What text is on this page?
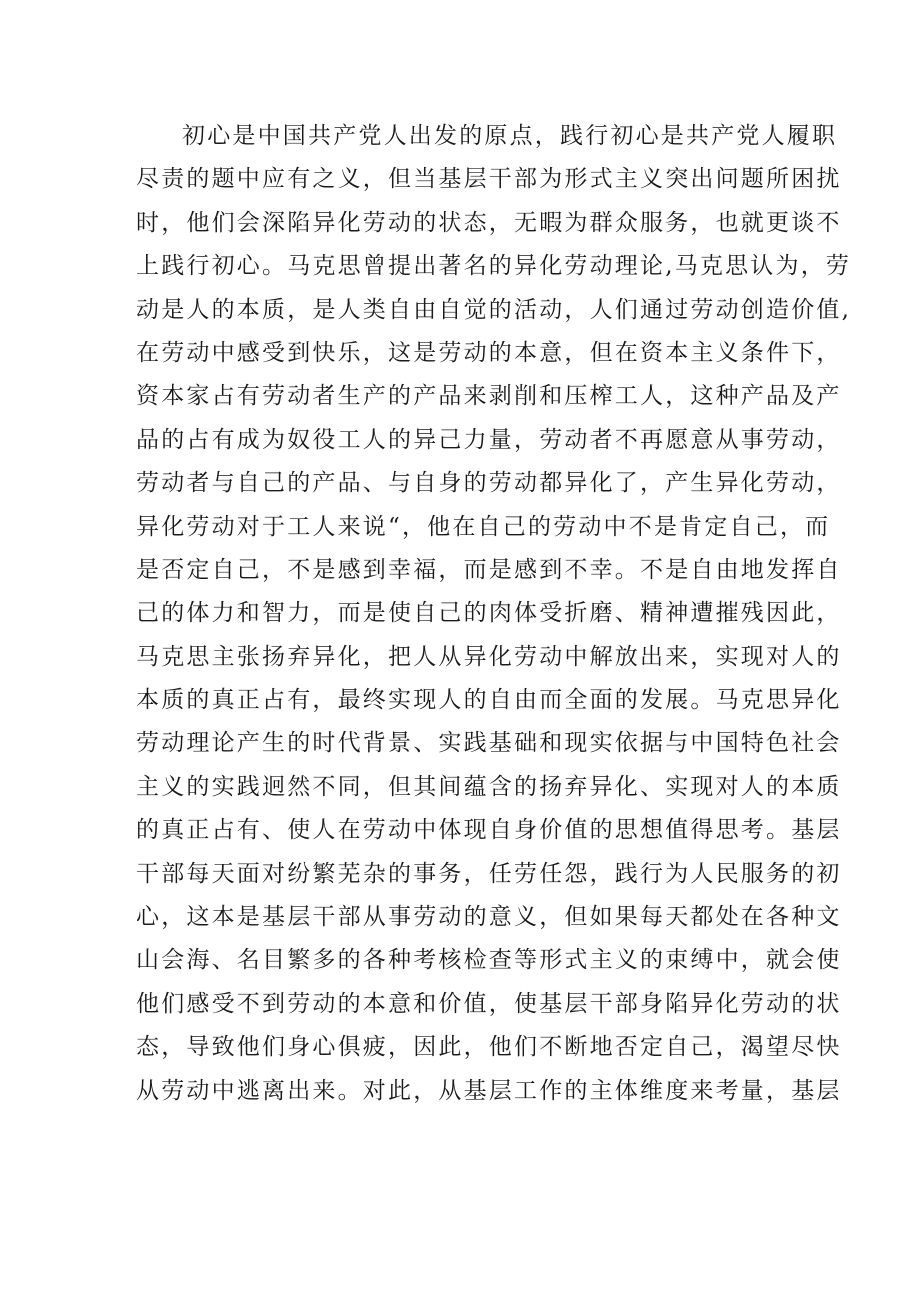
初心是中国共产党人出发的原点，践行初心是共产党人履职
尽责的题中应有之义，但当基层干部为形式主义突出问题所困扰
时，他们会深陷异化劳动的状态，无暇为群众服务，也就更谈不
上践行初心。马克思曾提出著名的异化劳动理论,马克思认为，劳
动是人的本质，是人类自由自觉的活动，人们通过劳动创造价值,
在劳动中感受到快乐，这是劳动的本意，但在资本主义条件下，
资本家占有劳动者生产的产品来剥削和压榨工人，这种产品及产
品的占有成为奴役工人的异己力量，劳动者不再愿意从事劳动，
劳动者与自己的产品、与自身的劳动都异化了，产生异化劳动，
异化劳动对于工人来说“，他在自己的劳动中不是肯定自己，而
是否定自己，不是感到幸福，而是感到不幸。不是自由地发挥自
己的体力和智力，而是使自己的肉体受折磨、精神遭摧残因此，
马克思主张扬弃异化，把人从异化劳动中解放出来，实现对人的
本质的真正占有，最终实现人的自由而全面的发展。马克思异化
劳动理论产生的时代背景、实践基础和现实依据与中国特色社会
主义的实践迥然不同，但其间蕴含的扬弃异化、实现对人的本质
的真正占有、使人在劳动中体现自身价值的思想值得思考。基层
干部每天面对纷繁芜杂的事务，任劳任怨，践行为人民服务的初
心，这本是基层干部从事劳动的意义，但如果每天都处在各种文
山会海、名目繁多的各种考核检查等形式主义的束缚中，就会使
他们感受不到劳动的本意和价值，使基层干部身陷异化劳动的状
态，导致他们身心俱疲，因此，他们不断地否定自己，渴望尽快
从劳动中逃离出来。对此，从基层工作的主体维度来考量，基层
